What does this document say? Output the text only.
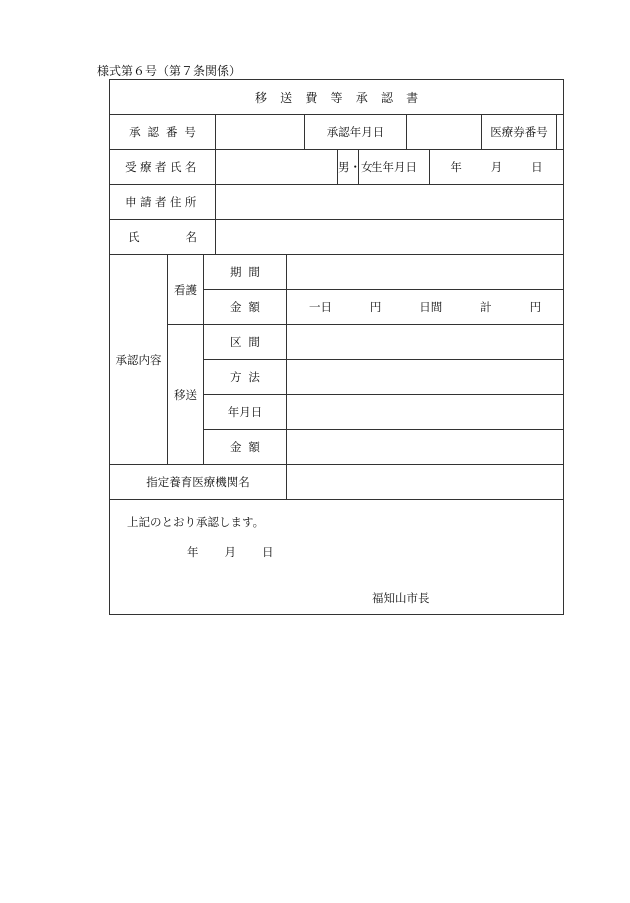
様式第６号（第７条関係）
移送費等承認書										
承認番号					承認年月日					医療券番号

受療者氏名						男・女	生年月日		年 月 日	

申請者住所										

氏 名										

承認内容	看護	期間								
		金額		一日 円 日間 計 円						

	移送	区間								
		方法								
		年月日								
		金額								
指定養育医療機関名										

上記のとおり承認します。
年 月 日
福知山市長										
